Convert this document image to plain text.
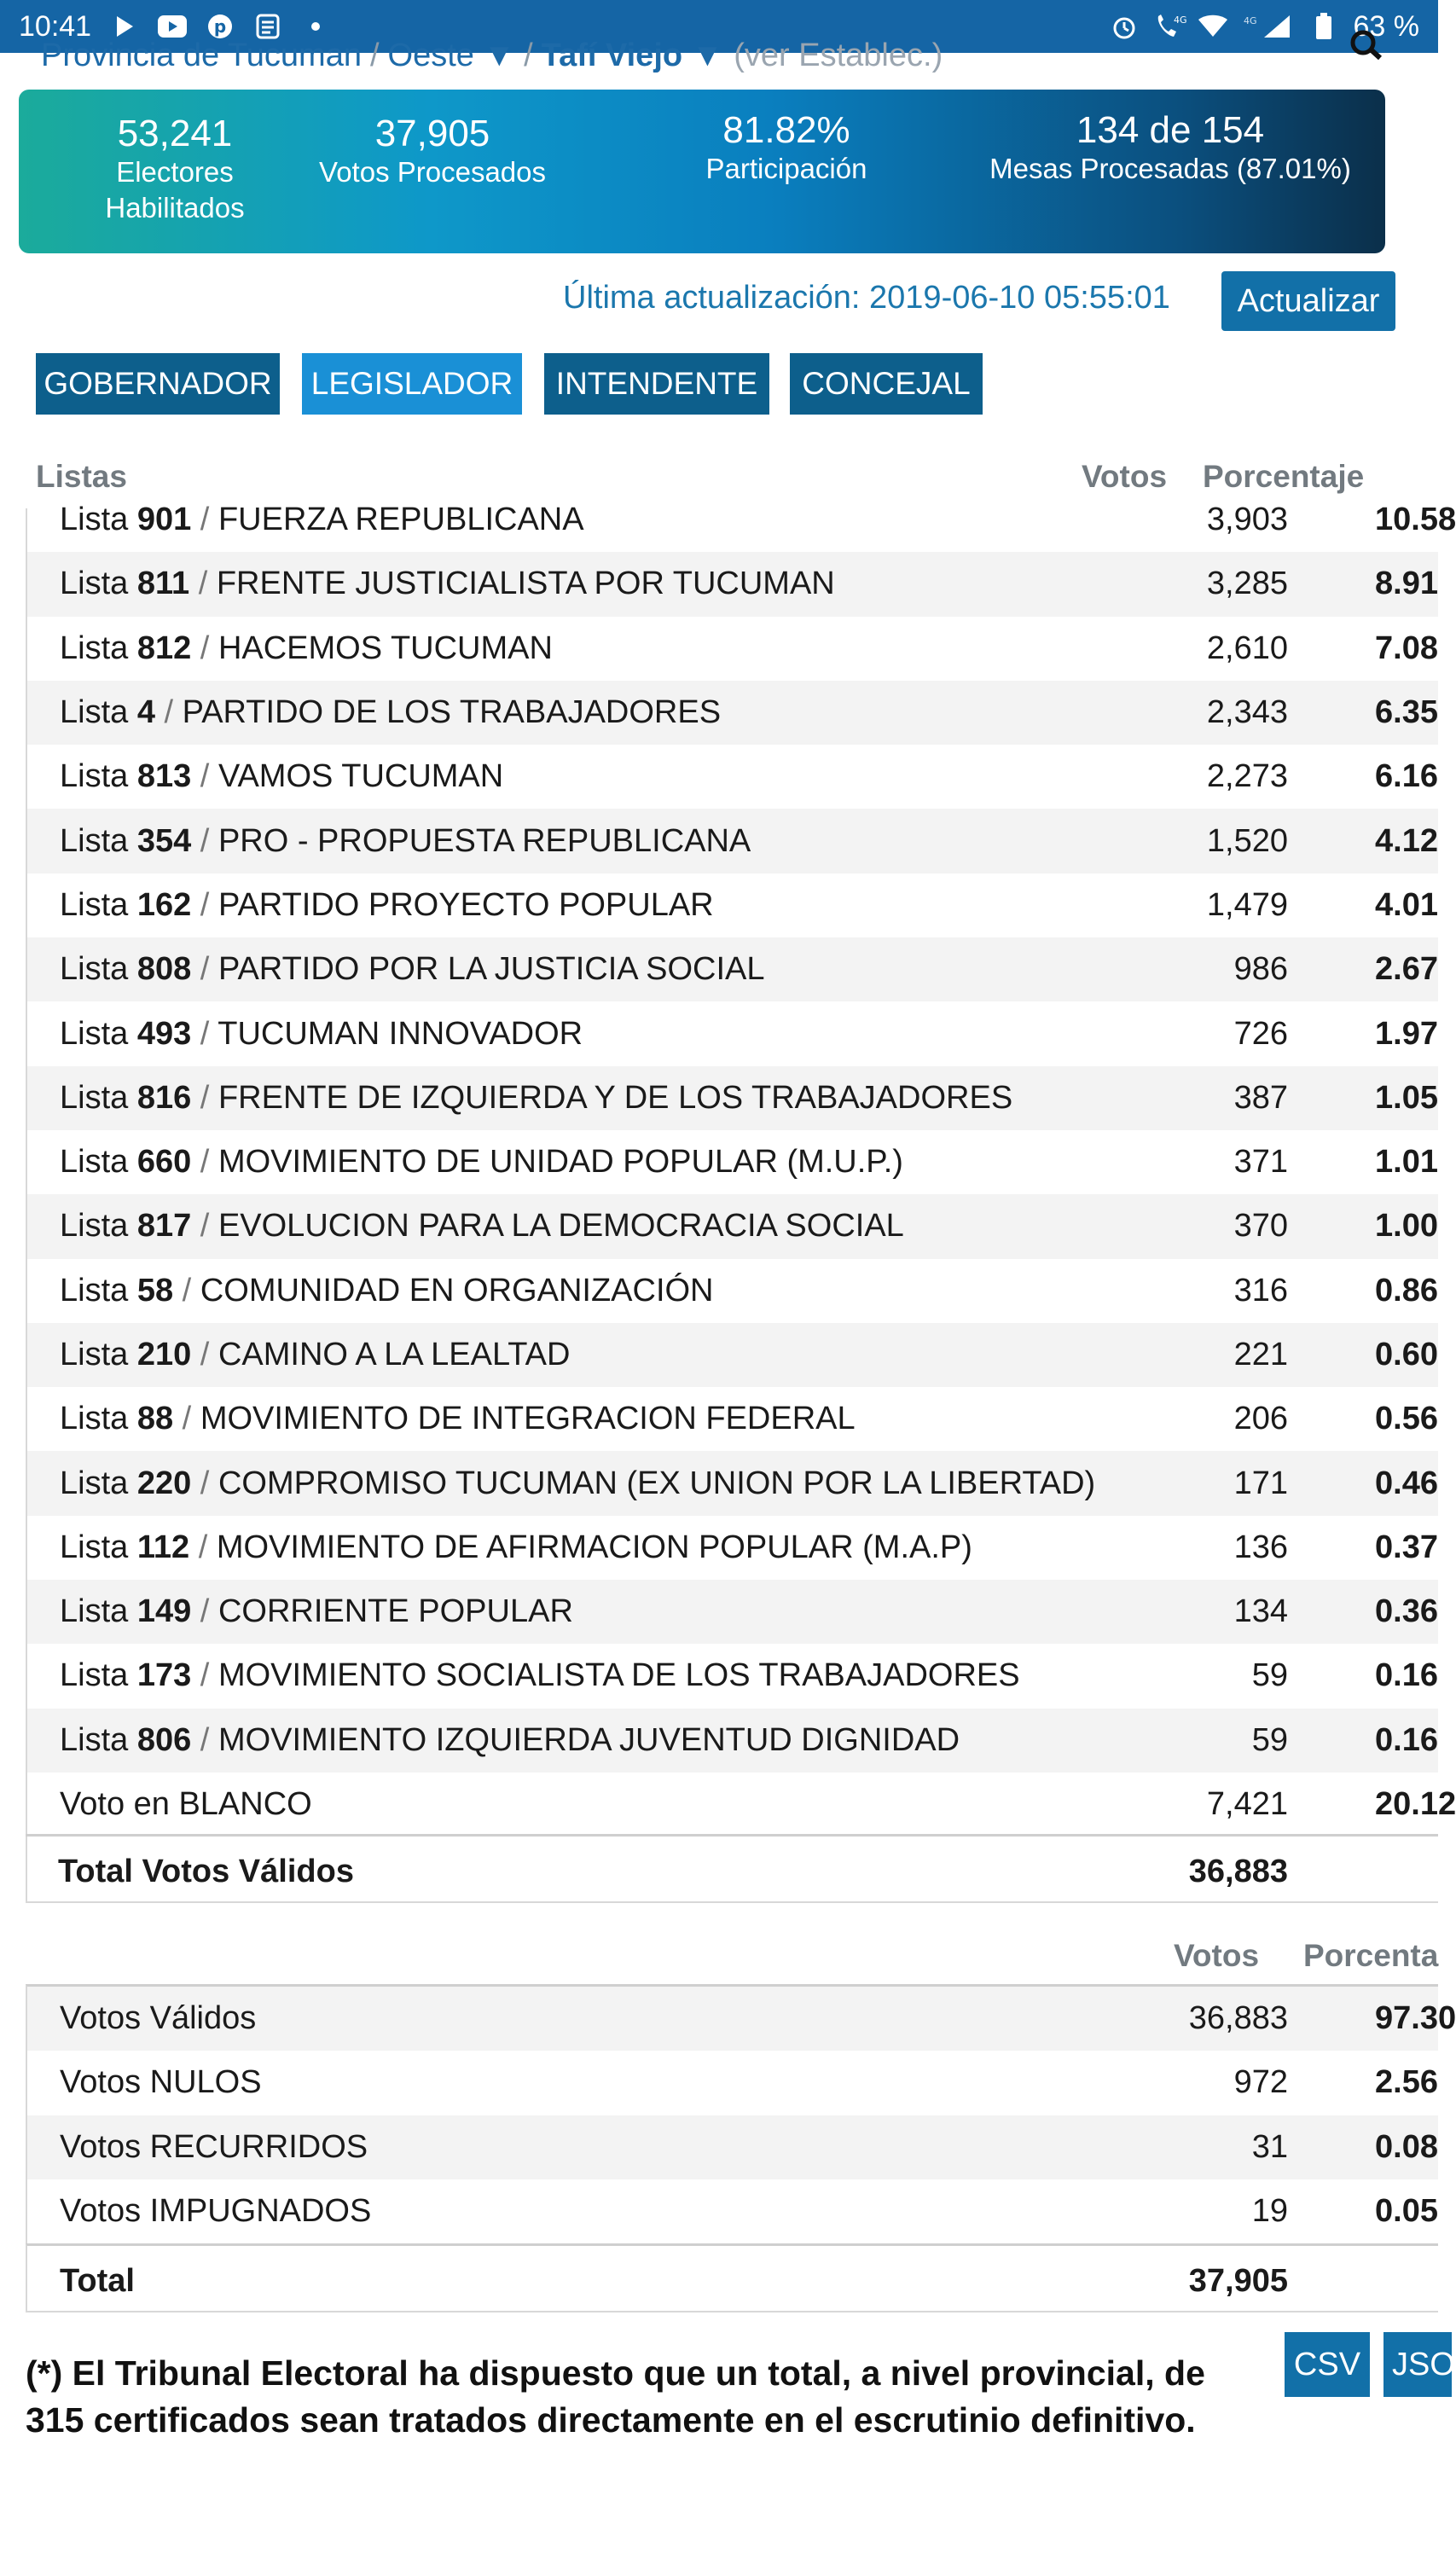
10:41	p	4G	4G	63 %
Provincia de Tucuman / Oeste ▼ / Tafí Viejo ▼ (ver Establec.)
53,241
Electores
Habilitados
37,905
Votos Procesados
81.82%
Participación
134 de 154
Mesas Procesadas (87.01%)
Última actualización: 2019-06-10 05:55:01	Actualizar
GOBERNADOR LEGISLADOR	INTENDENTE	CONCEJAL
Listas	Votos Porcentaje
Lista 901 / FUERZA REPUBLICANA	3,903	10.58
Lista 811 / FRENTE JUSTICIALISTA POR TUCUMAN	3,285	8.91
Lista 812 / HACEMOS TUCUMAN	2,610	7.08
Lista 4 / PARTIDO DE LOS TRABAJADORES	2,343	6.35
Lista 813 / VAMOS TUCUMAN	2,273	6.16
Lista 354 / PRO - PROPUESTA REPUBLICANA	1,520	4.12
Lista 162 / PARTIDO PROYECTO POPULAR	1,479	4.01
Lista 808 / PARTIDO POR LA JUSTICIA SOCIAL	986	2.67
Lista 493 / TUCUMAN INNOVADOR	726	1.97
Lista 816 / FRENTE DE IZQUIERDA Y DE LOS TRABAJADORES	387	1.05
Lista 660 / MOVIMIENTO DE UNIDAD POPULAR (M.U.P.)	371	1.01
Lista 817 / EVOLUCION PARA LA DEMOCRACIA SOCIAL	370	1.00
Lista 58 / COMUNIDAD EN ORGANIZACIÓN	316	0.86
Lista 210 / CAMINO A LA LEALTAD	221	0.60
Lista 88 / MOVIMIENTO DE INTEGRACION FEDERAL	206	0.56
Lista 220 / COMPROMISO TUCUMAN (EX UNION POR LA LIBERTAD)	171	0.46
Lista 112 / MOVIMIENTO DE AFIRMACION POPULAR (M.A.P)	136	0.37
Lista 149 / CORRIENTE POPULAR	134	0.36
Lista 173 / MOVIMIENTO SOCIALISTA DE LOS TRABAJADORES	59	0.16
Lista 806 / MOVIMIENTO IZQUIERDA JUVENTUD DIGNIDAD	59	0.16
Voto en BLANCO	7,421	20.12
Total Votos Válidos	36,883
Votos Porcenta
Votos Válidos	36,883	97.30
Votos NULOS	972	2.56
Votos RECURRIDOS	31	0.08
Votos IMPUGNADOS	19	0.05
Total	37,905
(*) El Tribunal Electoral ha dispuesto que un total, a nivel provincial, de 315 certificados sean tratados directamente en el escrutinio definitivo.
CSV JSO
